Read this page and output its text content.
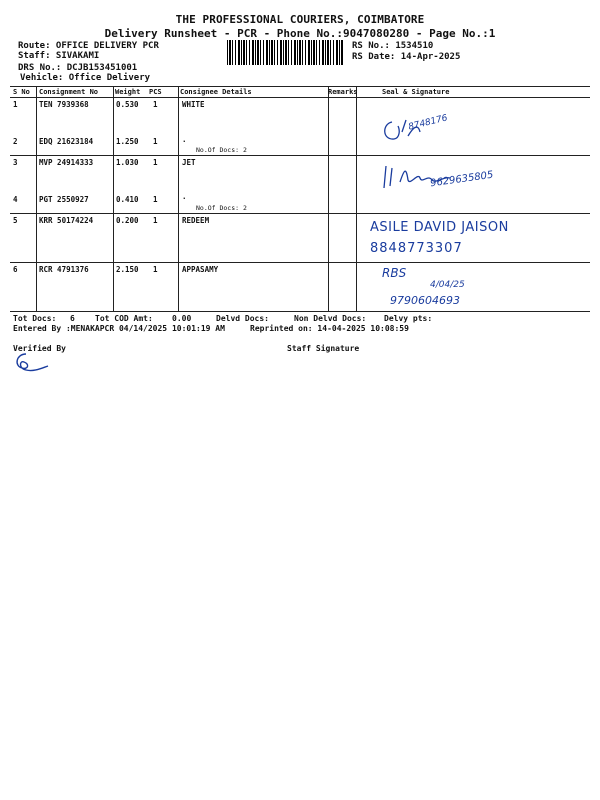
THE PROFESSIONAL COURIERS, COIMBATORE
Delivery Runsheet - PCR - Phone No.:9047080280 - Page No.:1
Route: OFFICE DELIVERY PCR
Staff: SIVAKAMI
DRS No.: DCJB153451001
Vehicle: Office Delivery
RS No.: 1534510
RS Date: 14-Apr-2025
S No Consignment No Weight PCS	Consignee Details	Remarks	Seal & Signature
1	TEN 7939368	0.530 1	WHITE
2	EDQ 21623184	1.250 1	.
No.Of Docs: 2
3	MVP 24914333	1.030 1	JET
4	PGT 2550927	0.410 1	.
No.Of Docs: 2
5	KRR 50174224	0.200 1	REDEEM
6	RCR 4791376	2.150 1	APPASAMY
8748176
9629635805
ASILE DAVID JAISON
8848773307
RBS
4/04/25
9790604693
Tot Docs: 6	Tot COD Amt: 0.00	Delvd Docs:	Non Delvd Docs: Delvy pts:
Entered By :MENAKAPCR 04/14/2025 10:01:19 AM	Reprinted on: 14-04-2025 10:08:59
Verified By	Staff Signature
